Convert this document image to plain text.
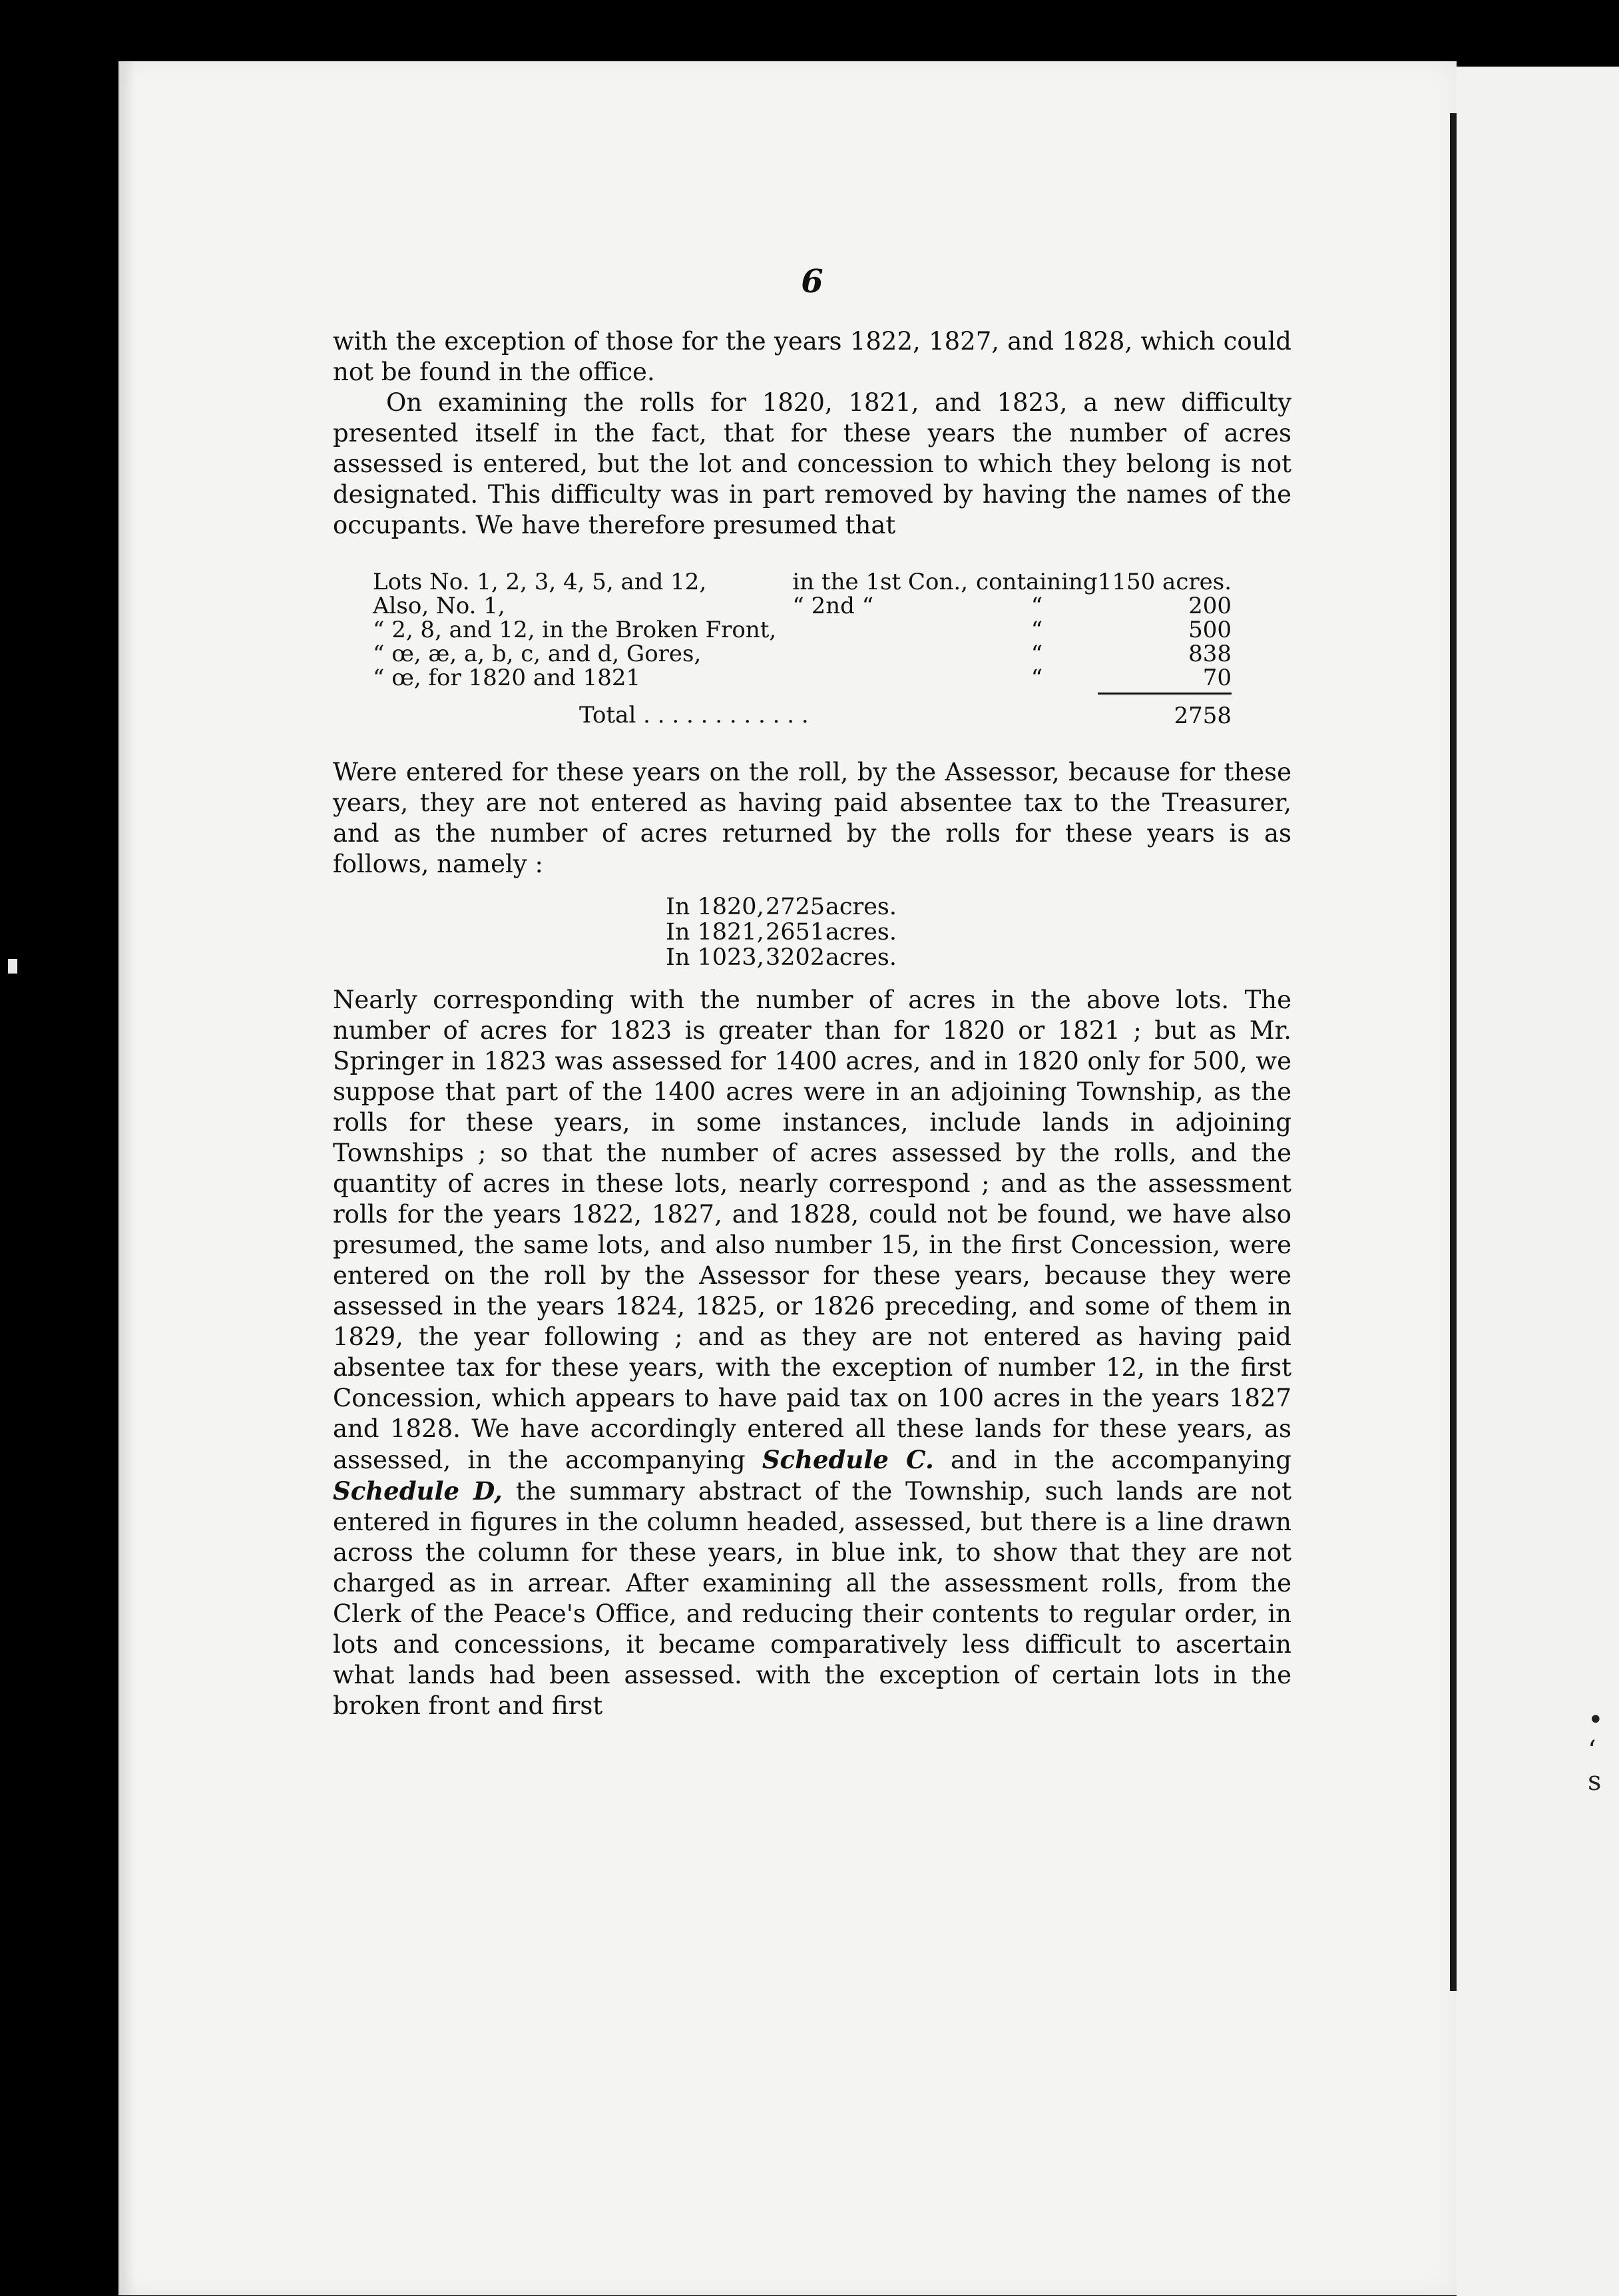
•
‘
s
6

with the exception of those for the years 1822, 1827, and 1828, which could not be found in the office.

On examining the rolls for 1820, 1821, and 1823, a new difficulty presented itself in the fact, that for these years the number of acres assessed is entered, but the lot and concession to which they belong is not designated. This difficulty was in part removed by having the names of the occupants. We have therefore presumed that

Lots No. 1, 2, 3, 4, 5, and 12,	in the 1st Con.,	containing	1150 acres.
Also, No. 1,	“ 2nd “	“	200
“ 2, 8, and 12, in the Broken Front,		“	500
“ œ, æ, a, b, c, and d, Gores,		“	838
“ œ, for 1820 and 1821		“	70
Total . . . . . . . . . . . .			2758

Were entered for these years on the roll, by the Assessor, because for these years, they are not entered as having paid absentee tax to the Treasurer, and as the number of acres returned by the rolls for these years is as follows, namely :

In 1820, 2725 acres.
In 1821, 2651 acres.
In 1023, 3202 acres.

Nearly corresponding with the number of acres in the above lots. The number of acres for 1823 is greater than for 1820 or 1821 ; but as Mr. Springer in 1823 was assessed for 1400 acres, and in 1820 only for 500, we suppose that part of the 1400 acres were in an adjoining Township, as the rolls for these years, in some instances, include lands in adjoining Townships ; so that the number of acres assessed by the rolls, and the quantity of acres in these lots, nearly correspond ; and as the assessment rolls for the years 1822, 1827, and 1828, could not be found, we have also presumed, the same lots, and also number 15, in the first Concession, were entered on the roll by the Assessor for these years, because they were assessed in the years 1824, 1825, or 1826 preceding, and some of them in 1829, the year following ; and as they are not entered as having paid absentee tax for these years, with the exception of number 12, in the first Concession, which appears to have paid tax on 100 acres in the years 1827 and 1828. We have accordingly entered all these lands for these years, as assessed, in the accompanying Schedule C. and in the accompanying Schedule D, the summary abstract of the Township, such lands are not entered in figures in the column headed, assessed, but there is a line drawn across the column for these years, in blue ink, to show that they are not charged as in arrear. After examining all the assessment rolls, from the Clerk of the Peace's Office, and reducing their contents to regular order, in lots and concessions, it became comparatively less difficult to ascertain what lands had been assessed. with the exception of certain lots in the broken front and first
